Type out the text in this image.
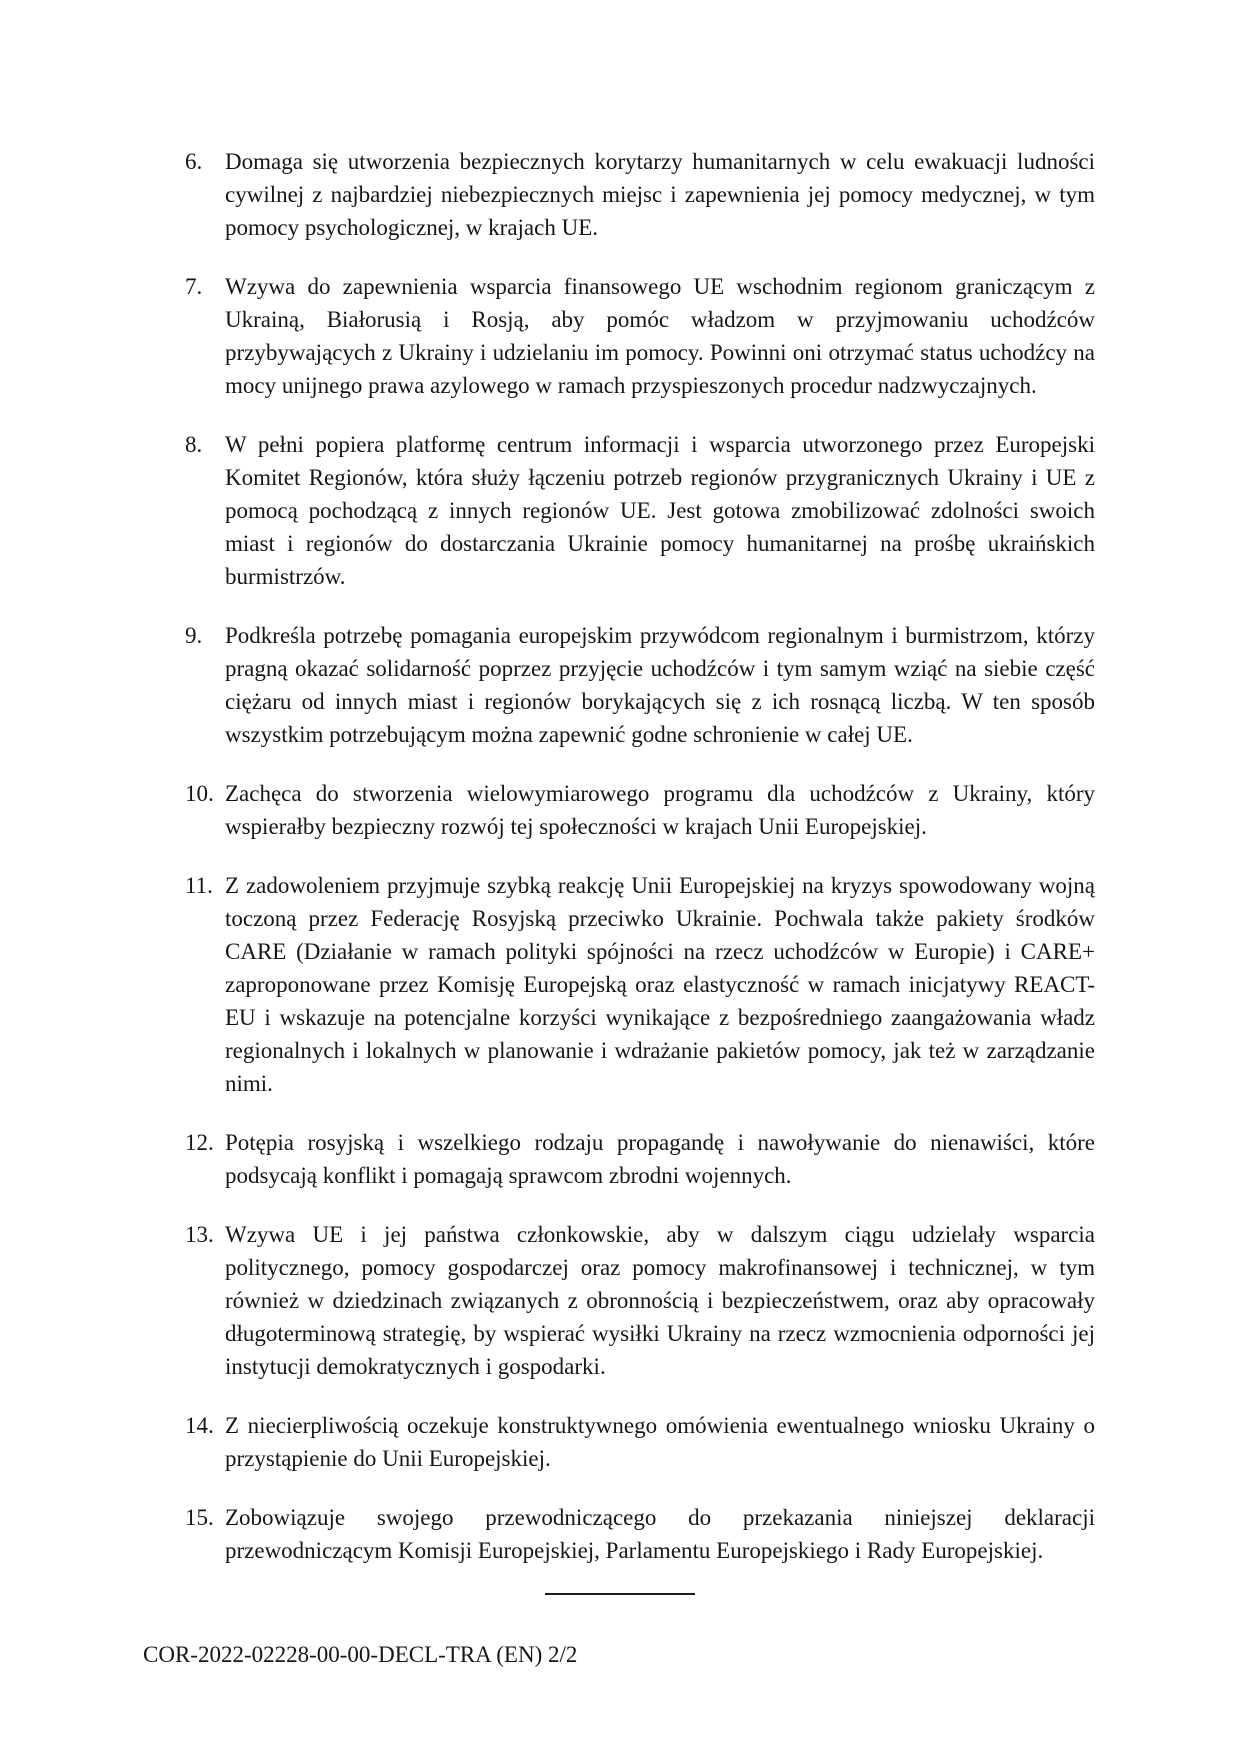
6. Domaga się utworzenia bezpiecznych korytarzy humanitarnych w celu ewakuacji ludności cywilnej z najbardziej niebezpiecznych miejsc i zapewnienia jej pomocy medycznej, w tym pomocy psychologicznej, w krajach UE.
7. Wzywa do zapewnienia wsparcia finansowego UE wschodnim regionom graniczącym z Ukrainą, Białorusią i Rosją, aby pomóc władzom w przyjmowaniu uchodźców przybywających z Ukrainy i udzielaniu im pomocy. Powinni oni otrzymać status uchodźcy na mocy unijnego prawa azylowego w ramach przyspieszonych procedur nadzwyczajnych.
8. W pełni popiera platformę centrum informacji i wsparcia utworzonego przez Europejski Komitet Regionów, która służy łączeniu potrzeb regionów przygranicznych Ukrainy i UE z pomocą pochodzącą z innych regionów UE. Jest gotowa zmobilizować zdolności swoich miast i regionów do dostarczania Ukrainie pomocy humanitarnej na prośbę ukraińskich burmistrzów.
9. Podkreśla potrzebę pomagania europejskim przywódcom regionalnym i burmistrzom, którzy pragną okazać solidarność poprzez przyjęcie uchodźców i tym samym wziąć na siebie część ciężaru od innych miast i regionów borykających się z ich rosnącą liczbą. W ten sposób wszystkim potrzebującym można zapewnić godne schronienie w całej UE.
10. Zachęca do stworzenia wielowymiarowego programu dla uchodźców z Ukrainy, który wspierałby bezpieczny rozwój tej społeczności w krajach Unii Europejskiej.
11. Z zadowoleniem przyjmuje szybką reakcję Unii Europejskiej na kryzys spowodowany wojną toczoną przez Federację Rosyjską przeciwko Ukrainie. Pochwala także pakiety środków CARE (Działanie w ramach polityki spójności na rzecz uchodźców w Europie) i CARE+ zaproponowane przez Komisję Europejską oraz elastyczność w ramach inicjatywy REACT-EU i wskazuje na potencjalne korzyści wynikające z bezpośredniego zaangażowania władz regionalnych i lokalnych w planowanie i wdrażanie pakietów pomocy, jak też w zarządzanie nimi.
12. Potępia rosyjską i wszelkiego rodzaju propagandę i nawoływanie do nienawiści, które podsycają konflikt i pomagają sprawcom zbrodni wojennych.
13. Wzywa UE i jej państwa członkowskie, aby w dalszym ciągu udzielały wsparcia politycznego, pomocy gospodarczej oraz pomocy makrofinansowej i technicznej, w tym również w dziedzinach związanych z obronnością i bezpieczeństwem, oraz aby opracowały długoterminową strategię, by wspierać wysiłki Ukrainy na rzecz wzmocnienia odporności jej instytucji demokratycznych i gospodarki.
14. Z niecierpliwością oczekuje konstruktywnego omówienia ewentualnego wniosku Ukrainy o przystąpienie do Unii Europejskiej.
15. Zobowiązuje swojego przewodniczącego do przekazania niniejszej deklaracji przewodniczącym Komisji Europejskiej, Parlamentu Europejskiego i Rady Europejskiej.
COR-2022-02228-00-00-DECL-TRA (EN) 2/2
